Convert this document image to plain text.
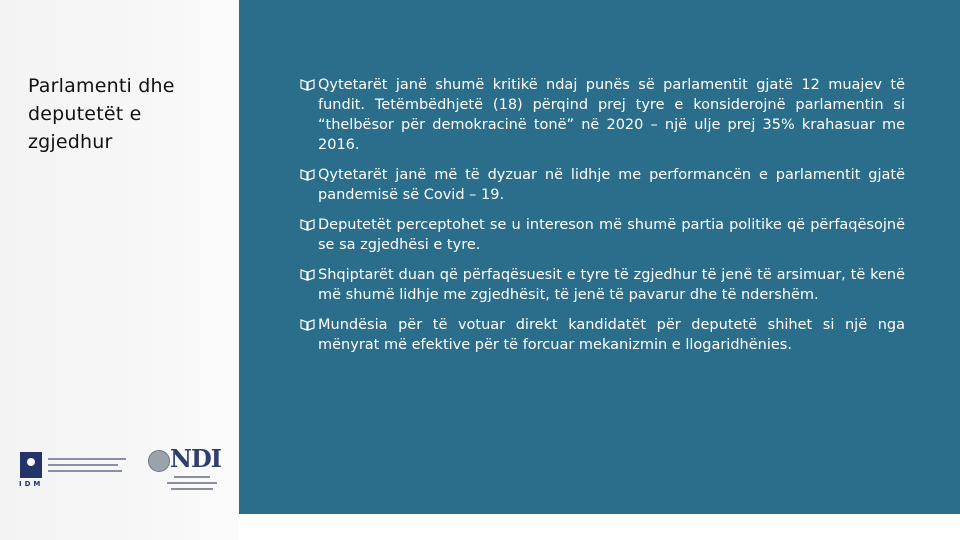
Parlamenti dhe deputetët e zgjedhur
IDM
NDI
Qytetarët janë shumë kritikë ndaj punës së parlamentit gjatë 12 muajev të fundit. Tetëmbëdhjetë (18) përqind prej tyre e konsiderojnë parlamentin si “thelbësor për demokracinë tonë” në 2020 – një ulje prej 35% krahasuar me 2016.
Qytetarët janë më të dyzuar në lidhje me performancën e parlamentit gjatë pandemisë së Covid – 19.
Deputetët perceptohet se u intereson më shumë partia politike që përfaqësojnë se sa zgjedhësi e tyre.
Shqiptarët duan që përfaqësuesit e tyre të zgjedhur të jenë të arsimuar, të kenë më shumë lidhje me zgjedhësit, të jenë të pavarur dhe të ndershëm.
Mundësia për të votuar direkt kandidatët për deputetë shihet si një nga mënyrat më efektive për të forcuar mekanizmin e llogaridhënies.
